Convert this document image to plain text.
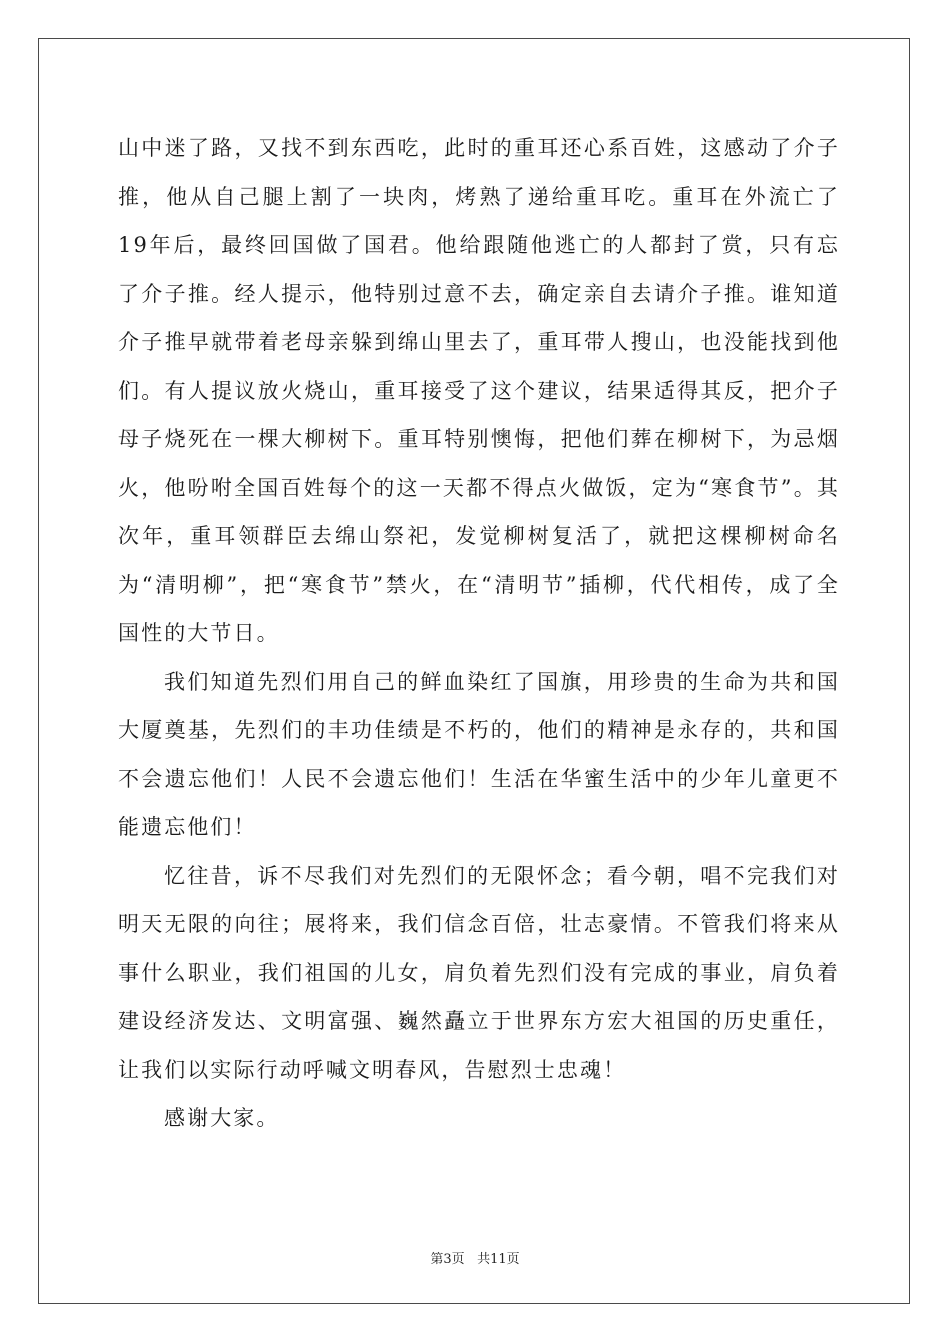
山中迷了路，又找不到东西吃，此时的重耳还心系百姓，这感动了介子推，他从自己腿上割了一块肉，烤熟了递给重耳吃。重耳在外流亡了19年后，最终回国做了国君。他给跟随他逃亡的人都封了赏，只有忘了介子推。经人提示，他特别过意不去，确定亲自去请介子推。谁知道介子推早就带着老母亲躲到绵山里去了，重耳带人搜山，也没能找到他们。有人提议放火烧山，重耳接受了这个建议，结果适得其反，把介子母子烧死在一棵大柳树下。重耳特别懊悔，把他们葬在柳树下，为忌烟火，他吩咐全国百姓每个的这一天都不得点火做饭，定为“寒食节”。其次年，重耳领群臣去绵山祭祀，发觉柳树复活了，就把这棵柳树命名为“清明柳”，把“寒食节”禁火，在“清明节”插柳，代代相传，成了全国性的大节日。

我们知道先烈们用自己的鲜血染红了国旗，用珍贵的生命为共和国大厦奠基，先烈们的丰功佳绩是不朽的，他们的精神是永存的，共和国不会遗忘他们！人民不会遗忘他们！生活在华蜜生活中的少年儿童更不能遗忘他们！

忆往昔，诉不尽我们对先烈们的无限怀念；看今朝，唱不完我们对明天无限的向往；展将来，我们信念百倍，壮志豪情。不管我们将来从事什么职业，我们祖国的儿女，肩负着先烈们没有完成的事业，肩负着建设经济发达、文明富强、巍然矗立于世界东方宏大祖国的历史重任，让我们以实际行动呼喊文明春风，告慰烈士忠魂！

感谢大家。

第3页 共11页
